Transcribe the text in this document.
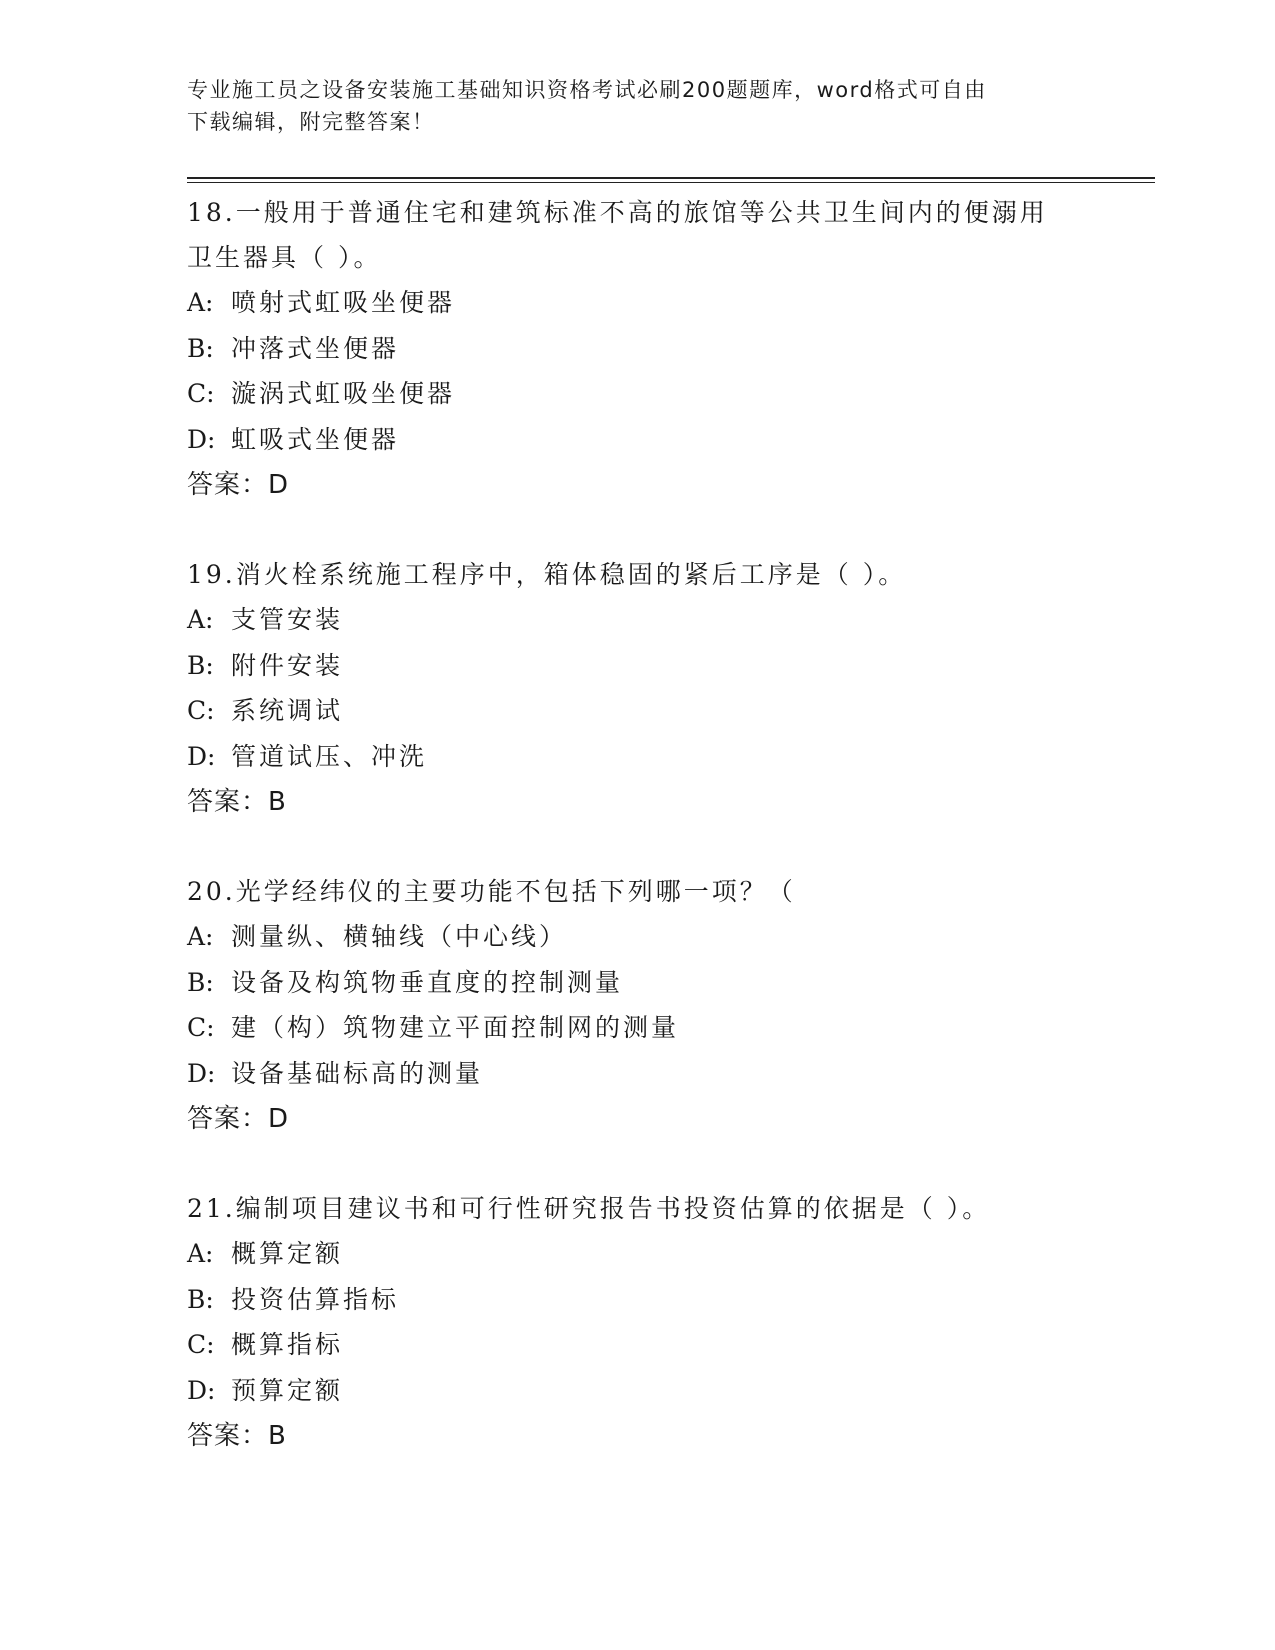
专业施工员之设备安装施工基础知识资格考试必刷200题题库，word格式可自由
下载编辑，附完整答案！

18.一般用于普通住宅和建筑标准不高的旅馆等公共卫生间内的便溺用
卫生器具（ ）。

A: 喷射式虹吸坐便器

B: 冲落式坐便器

C: 漩涡式虹吸坐便器

D: 虹吸式坐便器

答案：D

19.消火栓系统施工程序中，箱体稳固的紧后工序是（ ）。

A: 支管安装

B: 附件安装

C: 系统调试

D: 管道试压、冲洗

答案：B

20.光学经纬仪的主要功能不包括下列哪一项？（

A: 测量纵、横轴线（中心线）

B: 设备及构筑物垂直度的控制测量

C: 建（构）筑物建立平面控制网的测量

D: 设备基础标高的测量

答案：D

21.编制项目建议书和可行性研究报告书投资估算的依据是（ ）。

A: 概算定额

B: 投资估算指标

C: 概算指标

D: 预算定额

答案：B
